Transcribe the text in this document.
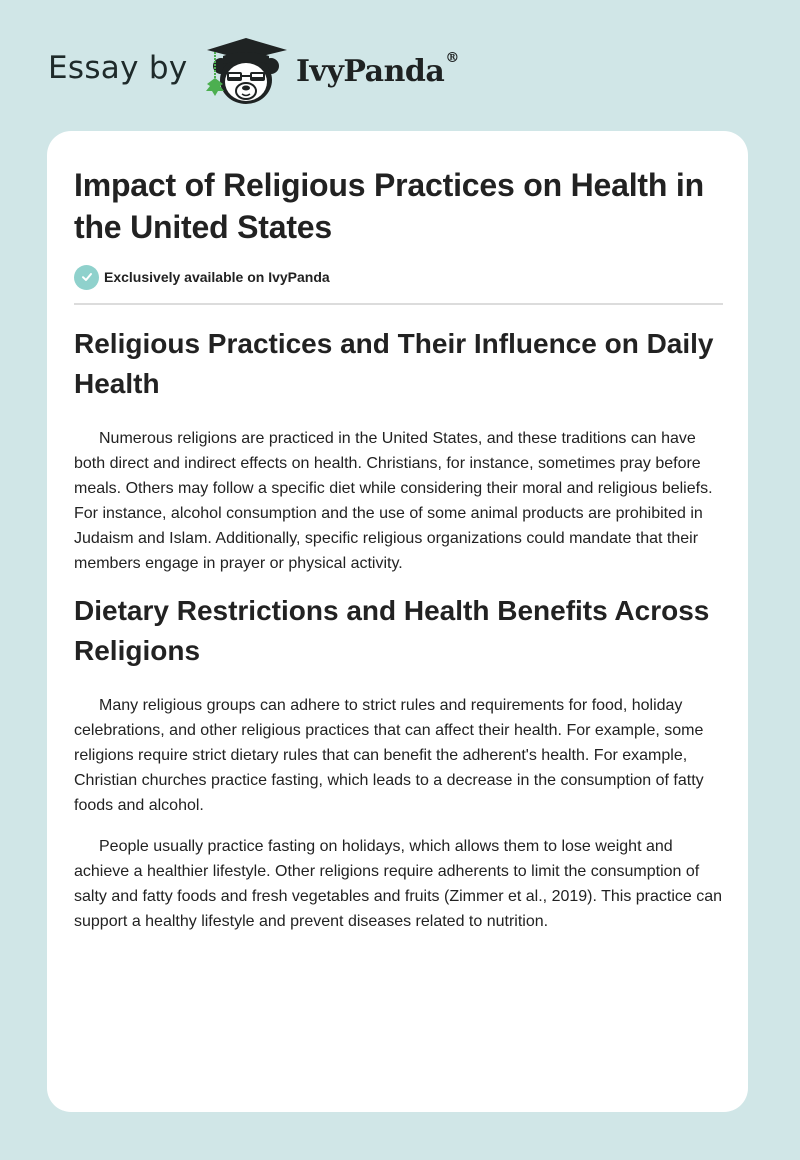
Essay by	IvyPanda®
Impact of Religious Practices on Health in the United States
Exclusively available on IvyPanda
Religious Practices and Their Influence on Daily Health

Numerous religions are practiced in the United States, and these traditions can have both direct and indirect effects on health. Christians, for instance, sometimes pray before meals. Others may follow a specific diet while considering their moral and religious beliefs. For instance, alcohol consumption and the use of some animal products are prohibited in Judaism and Islam. Additionally, specific religious organizations could mandate that their members engage in prayer or physical activity.

Dietary Restrictions and Health Benefits Across Religions

Many religious groups can adhere to strict rules and requirements for food, holiday celebrations, and other religious practices that can affect their health. For example, some religions require strict dietary rules that can benefit the adherent's health. For example, Christian churches practice fasting, which leads to a decrease in the consumption of fatty foods and alcohol.

People usually practice fasting on holidays, which allows them to lose weight and achieve a healthier lifestyle. Other religions require adherents to limit the consumption of salty and fatty foods and fresh vegetables and fruits (Zimmer et al., 2019). This practice can support a healthy lifestyle and prevent diseases related to nutrition.
